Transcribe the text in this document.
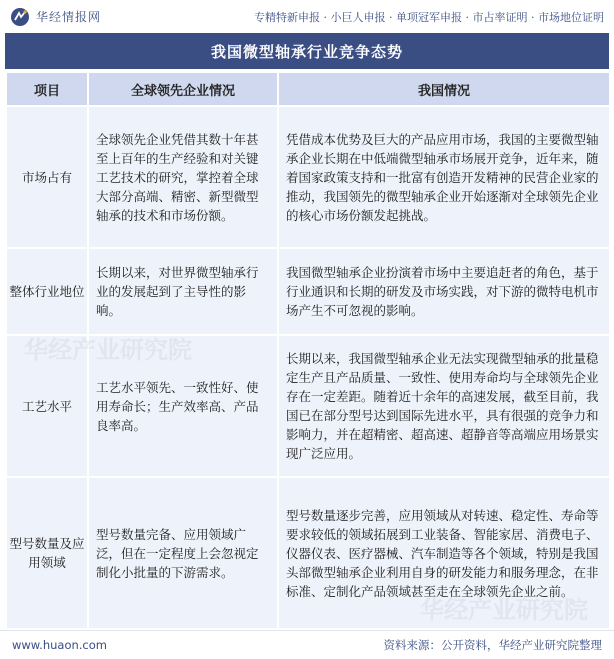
华经情报网	专精特新申报 · 小巨人申报 · 单项冠军申报 · 市占率证明 · 市场地位证明
我国微型轴承行业竞争态势
项目	全球领先企业情况	我国情况
市场占有	全球领先企业凭借其数十年甚至上百年的生产经验和对关键工艺技术的研究，掌控着全球大部分高端、精密、新型微型轴承的技术和市场份额。	凭借成本优势及巨大的产品应用市场，我国的主要微型轴承企业长期在中低端微型轴承市场展开竞争，近年来，随着国家政策支持和一批富有创造开发精神的民营企业家的推动，我国领先的微型轴承企业开始逐渐对全球领先企业的核心市场份额发起挑战。
整体行业地位	长期以来，对世界微型轴承行业的发展起到了主导性的影响。	我国微型轴承企业扮演着市场中主要追赶者的角色，基于行业通识和长期的研发及市场实践，对下游的微特电机市场产生不可忽视的影响。
工艺水平	工艺水平领先、一致性好、使用寿命长；生产效率高、产品良率高。	长期以来，我国微型轴承企业无法实现微型轴承的批量稳定生产且产品质量、一致性、使用寿命均与全球领先企业存在一定差距。随着近十余年的高速发展，截至目前，我国已在部分型号达到国际先进水平，具有很强的竞争力和影响力，并在超精密、超高速、超静音等高端应用场景实现广泛应用。
型号数量及应用领域	型号数量完备、应用领域广泛，但在一定程度上会忽视定制化小批量的下游需求。	型号数量逐步完善，应用领域从对转速、稳定性、寿命等要求较低的领域拓展到工业装备、智能家居、消费电子、仪器仪表、医疗器械、汽车制造等各个领域，特别是我国头部微型轴承企业利用自身的研发能力和服务理念，在非标准、定制化产品领域甚至走在全球领先企业之前。
www.huaon.com	资料来源：公开资料，华经产业研究院整理
